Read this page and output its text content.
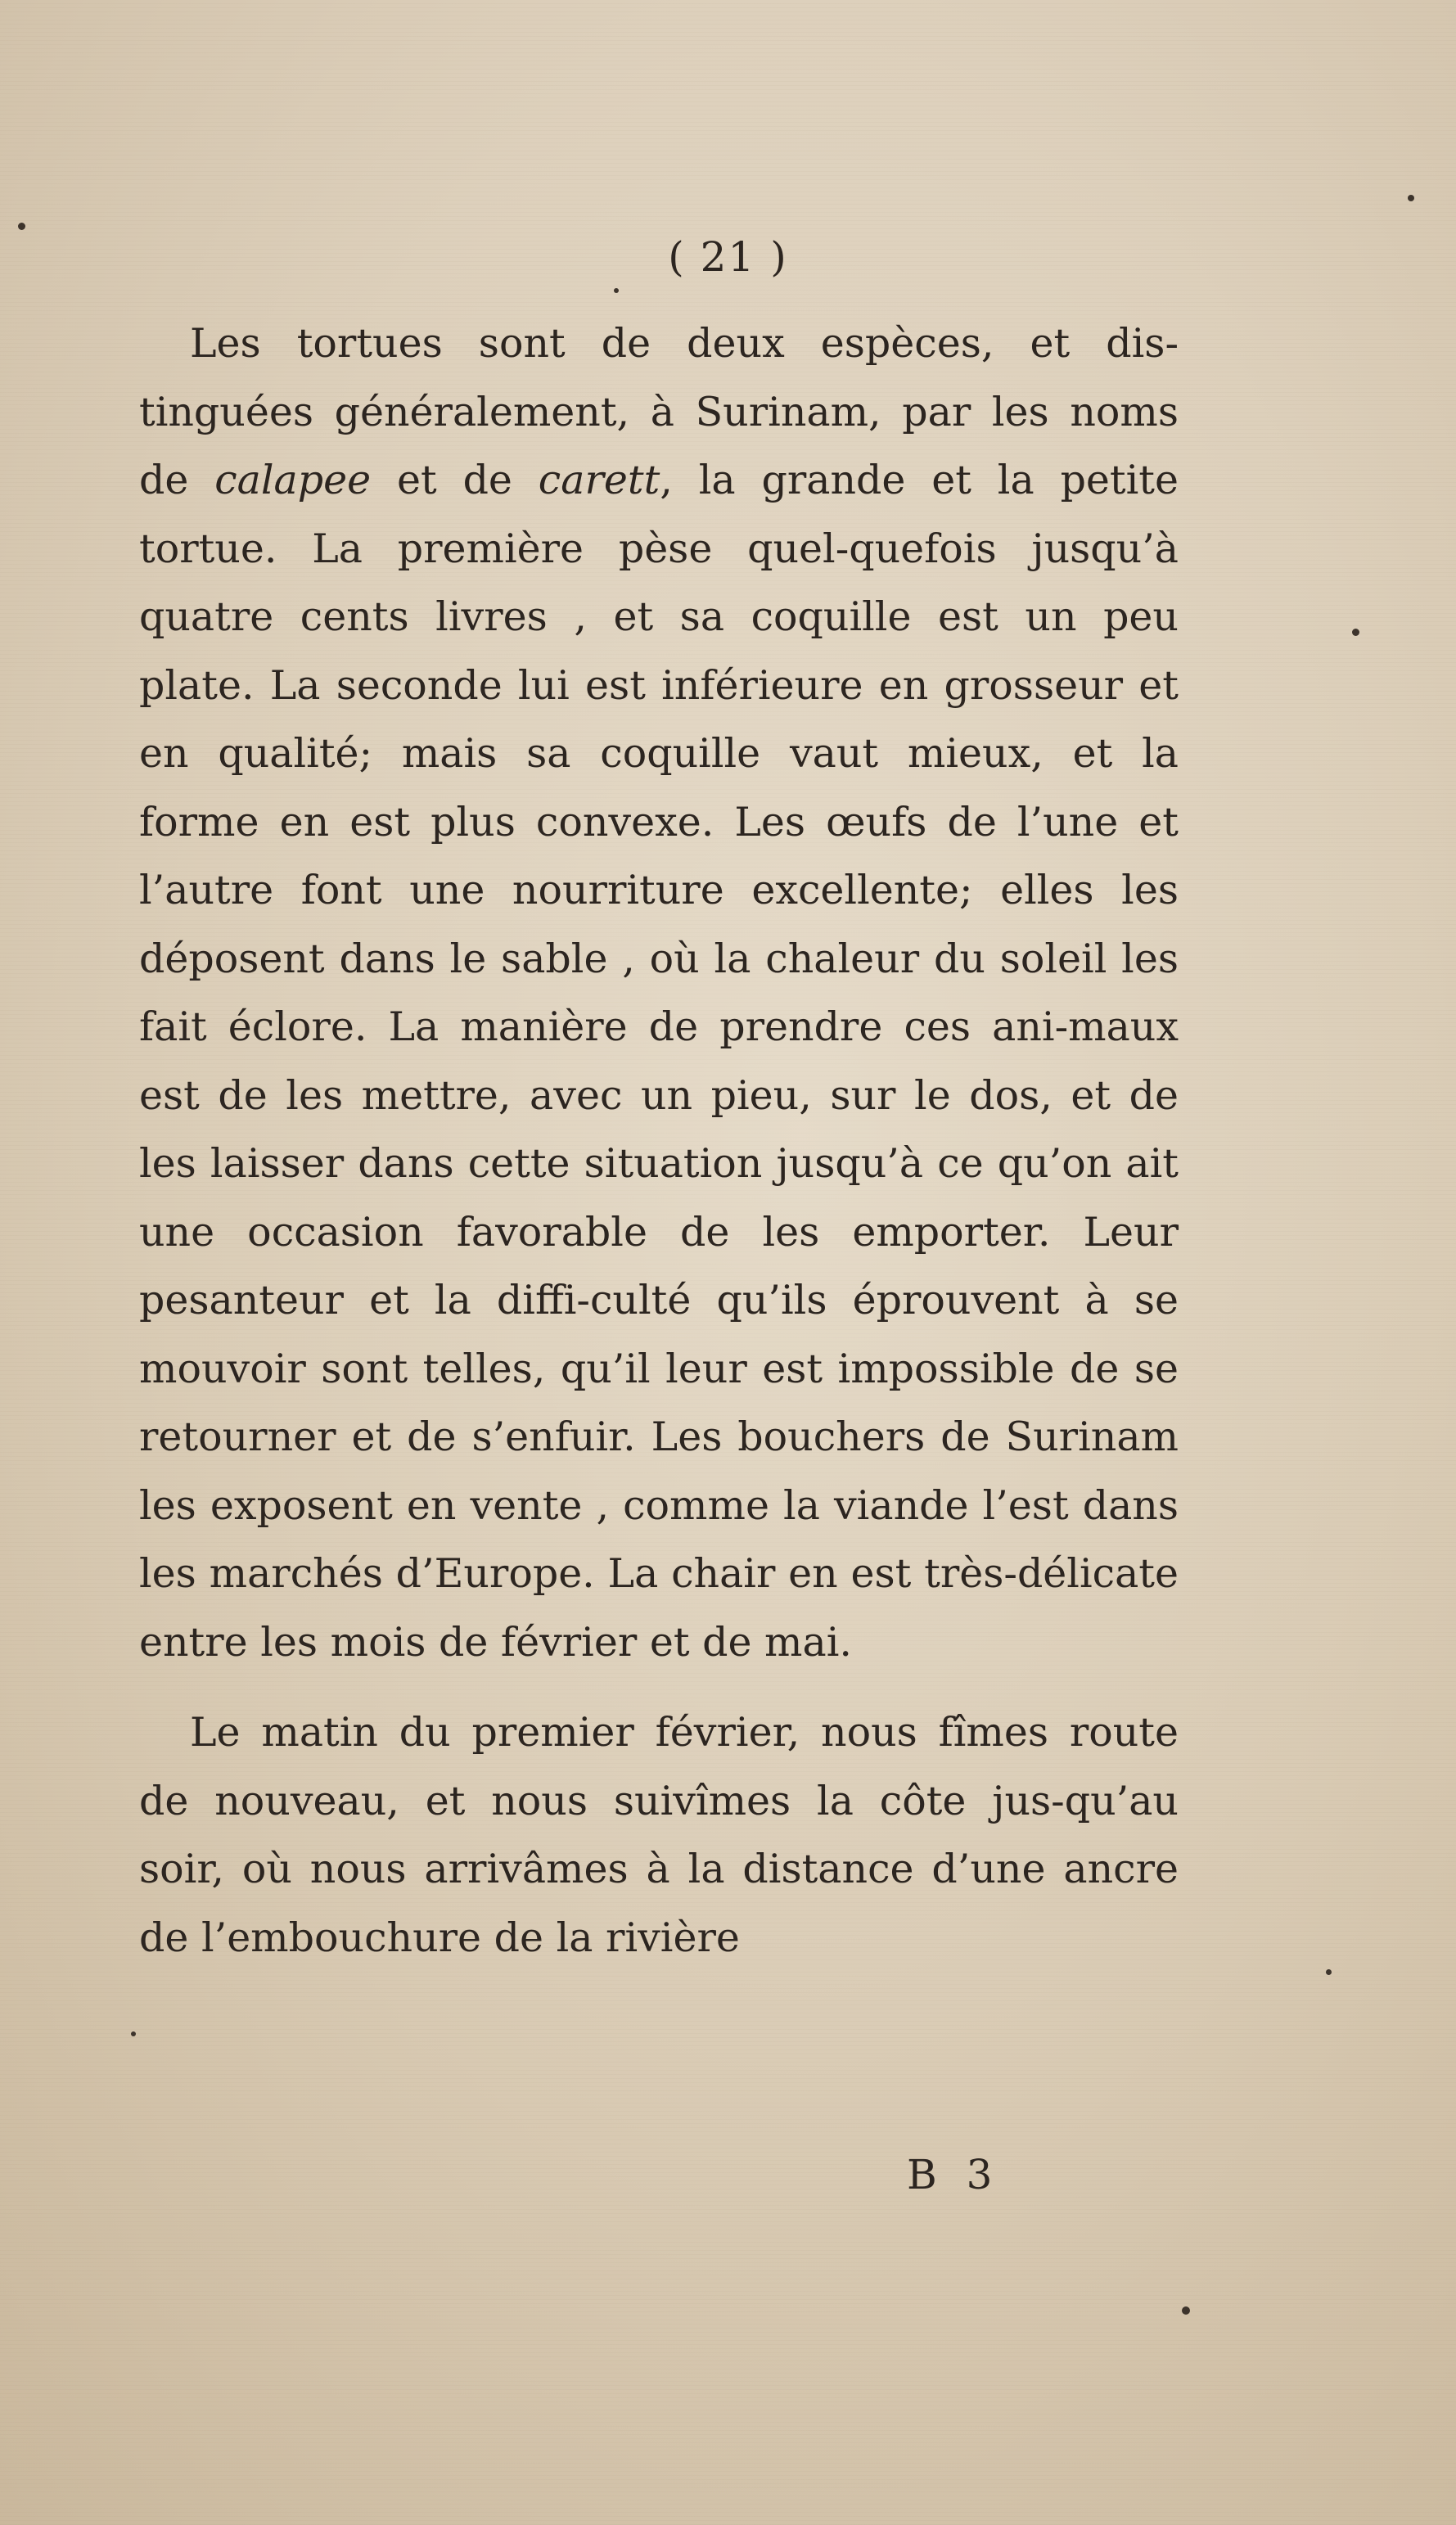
( 21 )

Les tortues sont de deux espèces, et dis-tinguées généralement, à Surinam, par les noms de calapee et de carett, la grande et la petite tortue. La première pèse quel-quefois jusqu’à quatre cents livres , et sa coquille est un peu plate. La seconde lui est inférieure en grosseur et en qualité; mais sa coquille vaut mieux, et la forme en est plus convexe. Les œufs de l’une et l’autre font une nourriture excellente; elles les déposent dans le sable , où la chaleur du soleil les fait éclore. La manière de prendre ces ani-maux est de les mettre, avec un pieu, sur le dos, et de les laisser dans cette situation jusqu’à ce qu’on ait une occasion favorable de les emporter. Leur pesanteur et la diffi-culté qu’ils éprouvent à se mouvoir sont telles, qu’il leur est impossible de se retourner et de s’enfuir. Les bouchers de Surinam les exposent en vente , comme la viande l’est dans les marchés d’Europe. La chair en est très-délicate entre les mois de février et de mai.

Le matin du premier février, nous fîmes route de nouveau, et nous suivîmes la côte jus-qu’au soir, où nous arrivâmes à la distance d’une ancre de l’embouchure de la rivière

B 3
